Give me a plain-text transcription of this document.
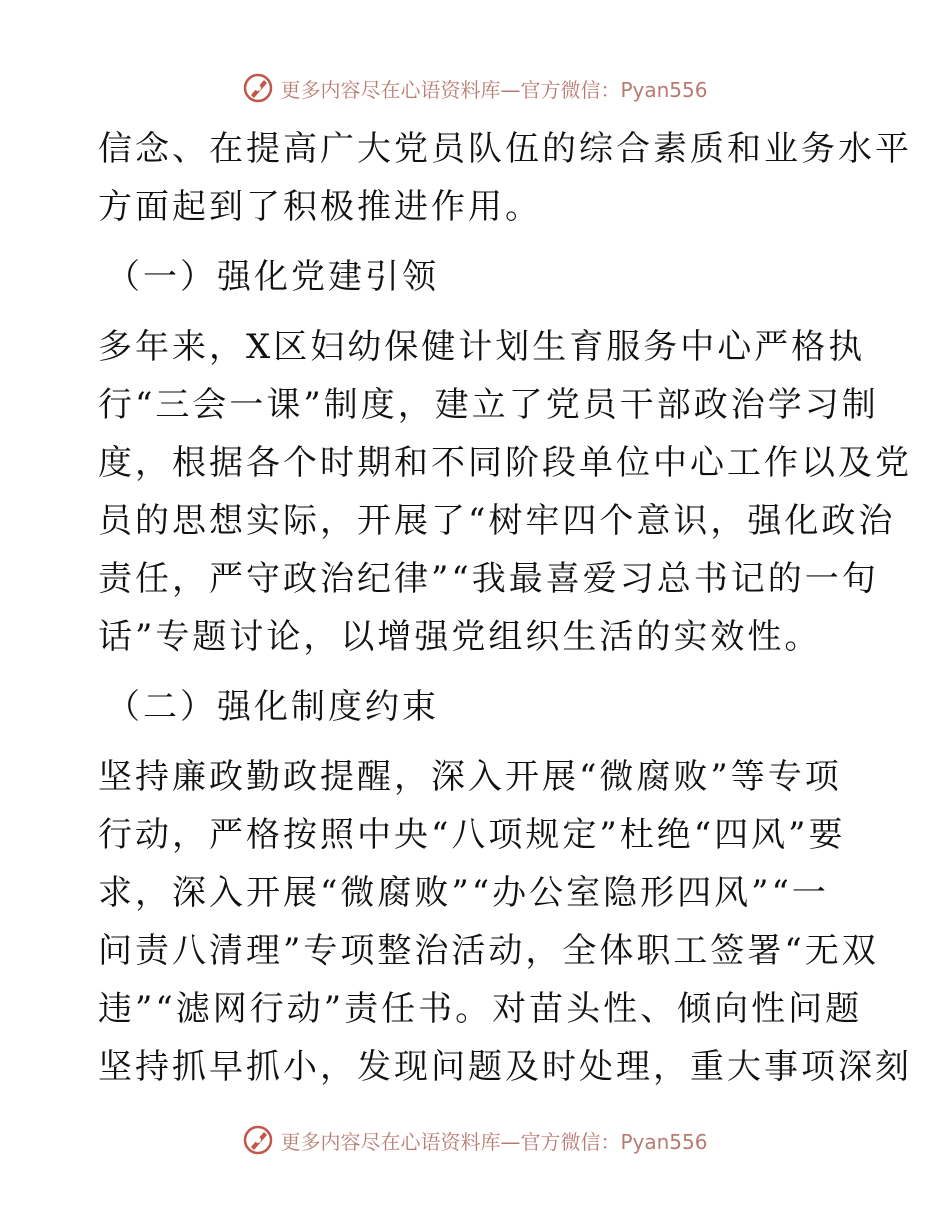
更多内容尽在心语资料库—官方微信：Pyan556
信念、在提高广大党员队伍的综合素质和业务水平
方面起到了积极推进作用。
（一）强化党建引领
多年来，X区妇幼保健计划生育服务中心严格执
行“三会一课”制度，建立了党员干部政治学习制
度，根据各个时期和不同阶段单位中心工作以及党
员的思想实际，开展了“树牢四个意识，强化政治
责任，严守政治纪律”“我最喜爱习总书记的一句
话”专题讨论，以增强党组织生活的实效性。
（二）强化制度约束
坚持廉政勤政提醒，深入开展“微腐败”等专项
行动，严格按照中央“八项规定”杜绝“四风”要
求，深入开展“微腐败”“办公室隐形四风”“一
问责八清理”专项整治活动，全体职工签署“无双
违”“滤网行动”责任书。对苗头性、倾向性问题
坚持抓早抓小，发现问题及时处理，重大事项深刻
更多内容尽在心语资料库—官方微信：Pyan556
